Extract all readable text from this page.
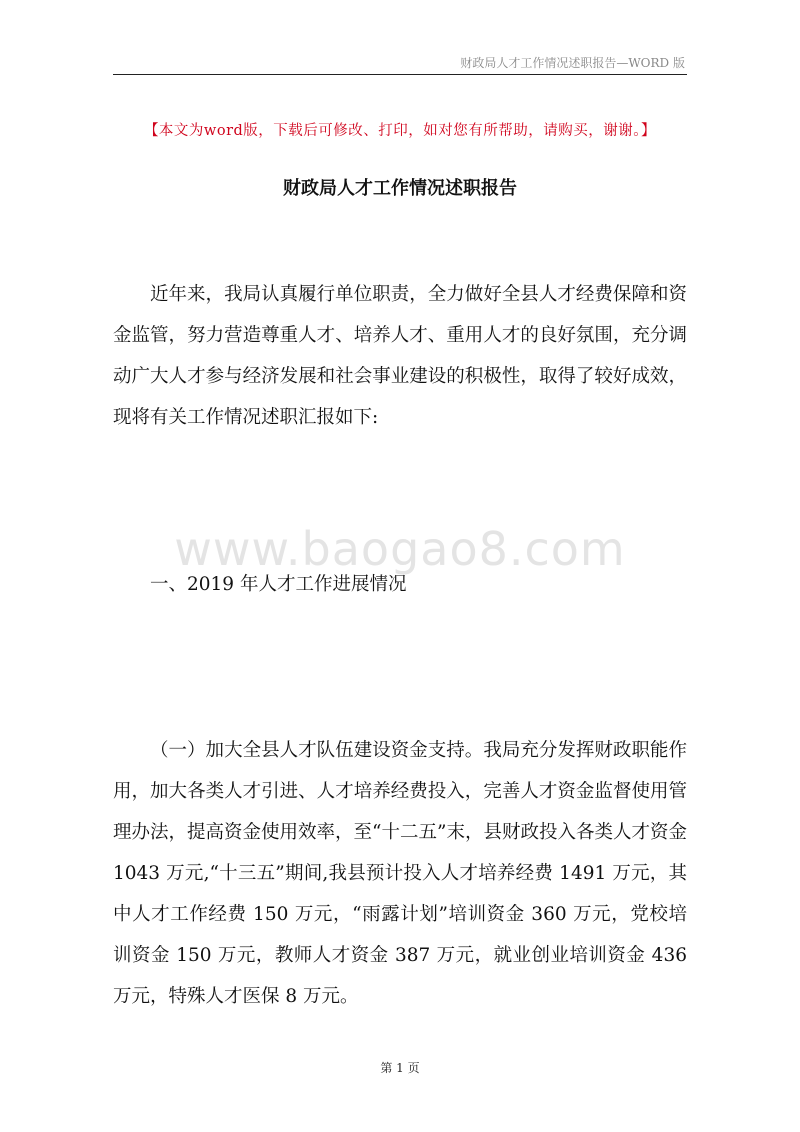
财政局人才工作情况述职报告—WORD 版
【本文为word版，下载后可修改、打印，如对您有所帮助，请购买，谢谢。】
财政局人才工作情况述职报告

近年来，我局认真履行单位职责，全力做好全县人才经费保障和资金监管，努力营造尊重人才、培养人才、重用人才的良好氛围，充分调动广大人才参与经济发展和社会事业建设的积极性，取得了较好成效，现将有关工作情况述职汇报如下:

www.baogao8.com
一、2019 年人才工作进展情况

（一）加大全县人才队伍建设资金支持。我局充分发挥财政职能作用，加大各类人才引进、人才培养经费投入，完善人才资金监督使用管理办法，提高资金使用效率，至“十二五”末，县财政投入各类人才资金 1043 万元,“十三五”期间,我县预计投入人才培养经费 1491 万元，其中人才工作经费 150 万元，“雨露计划”培训资金 360 万元，党校培训资金 150 万元，教师人才资金 387 万元，就业创业培训资金 436 万元，特殊人才医保 8 万元。

第 1 页
